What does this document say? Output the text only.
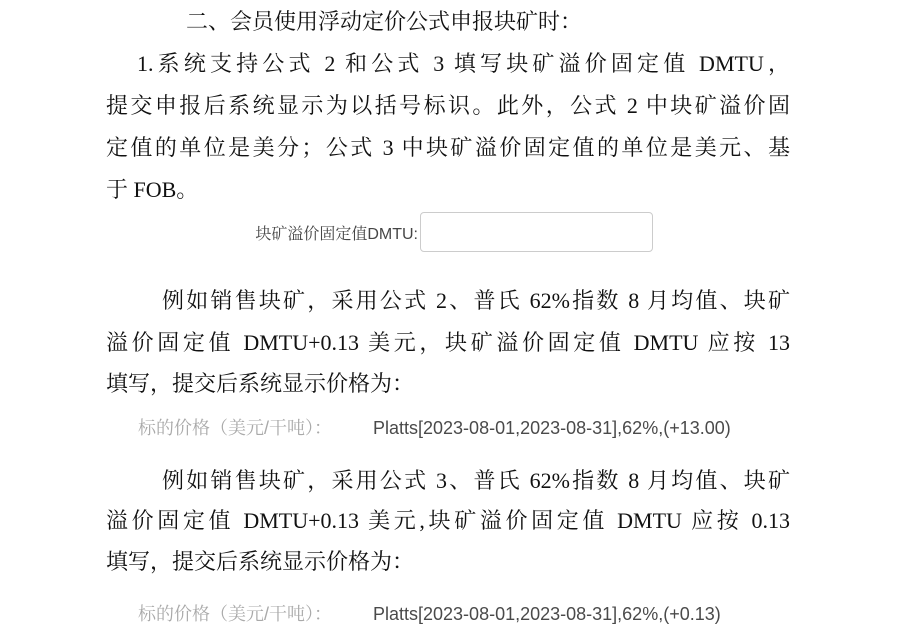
二、会员使用浮动定价公式申报块矿时：
1.系统支持公式 2 和公式 3 填写块矿溢价固定值 DMTU，
提交申报后系统显示为以括号标识。此外，公式 2 中块矿溢价固
定值的单位是美分；公式 3 中块矿溢价固定值的单位是美元、基
于 FOB。
块矿溢价固定值DMTU:
例如销售块矿，采用公式 2、普氏 62%指数 8 月均值、块矿
溢价固定值 DMTU+0.13 美元，块矿溢价固定值 DMTU 应按 13
填写，提交后系统显示价格为：
标的价格（美元/干吨）： Platts[2023-08-01,2023-08-31],62%,(+13.00)
例如销售块矿，采用公式 3、普氏 62%指数 8 月均值、块矿
溢价固定值 DMTU+0.13 美元,块矿溢价固定值 DMTU 应按 0.13
填写，提交后系统显示价格为：
标的价格（美元/干吨）： Platts[2023-08-01,2023-08-31],62%,(+0.13)
